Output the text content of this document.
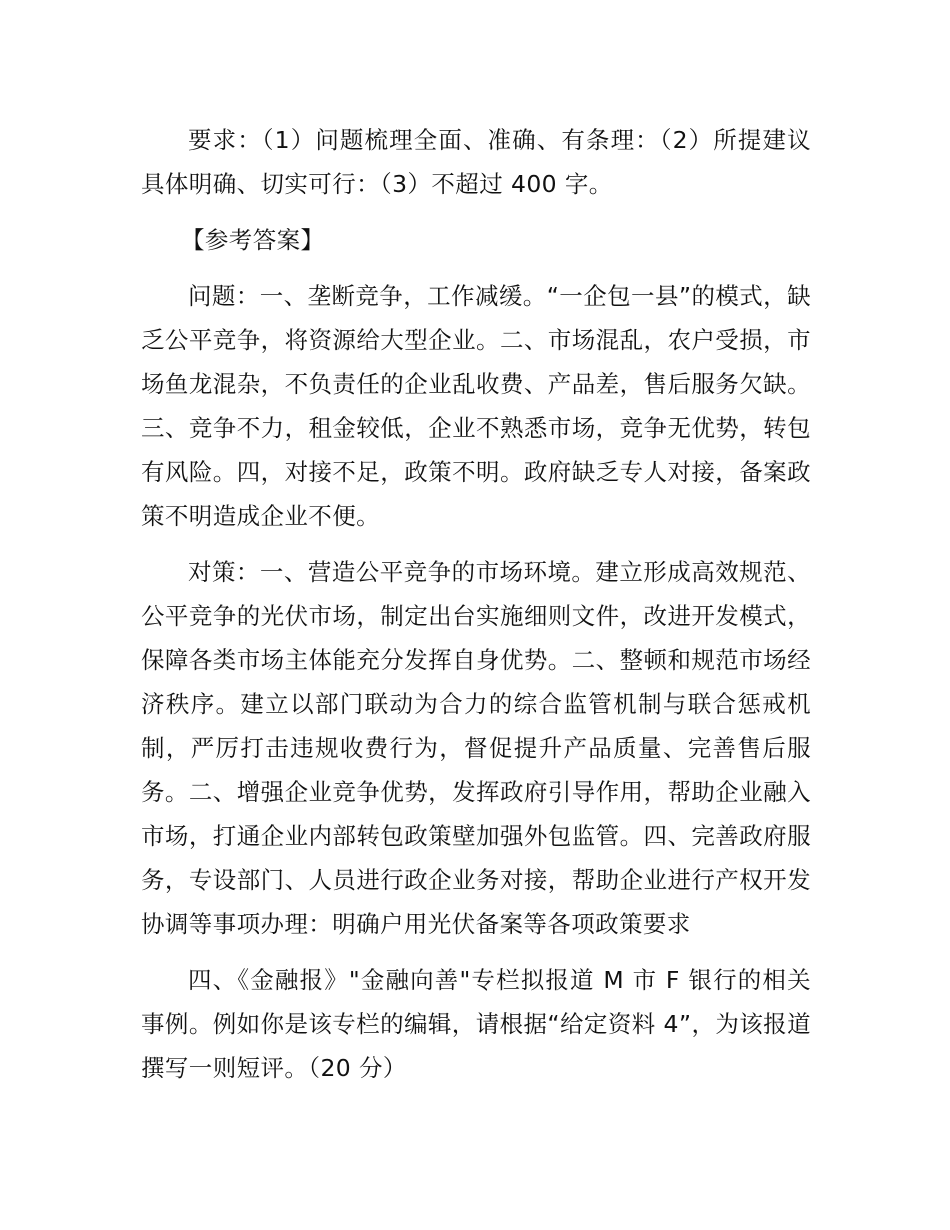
要求：（1）问题梳理全面、准确、有条理：（2）所提建议具体明确、切实可行：（3）不超过 400 字。

【参考答案】

问题：一、垄断竞争，工作减缓。“一企包一县”的模式，缺乏公平竞争，将资源给大型企业。二、市场混乱，农户受损，市场鱼龙混杂，不负责任的企业乱收费、产品差，售后服务欠缺。三、竞争不力，租金较低，企业不熟悉市场，竞争无优势，转包有风险。四，对接不足，政策不明。政府缺乏专人对接，备案政策不明造成企业不便。

对策：一、营造公平竞争的市场环境。建立形成高效规范、公平竞争的光伏市场，制定出台实施细则文件，改进开发模式，保障各类市场主体能充分发挥自身优势。二、整顿和规范市场经济秩序。建立以部门联动为合力的综合监管机制与联合惩戒机制，严厉打击违规收费行为，督促提升产品质量、完善售后服务。二、增强企业竞争优势，发挥政府引导作用，帮助企业融入市场，打通企业内部转包政策壁加强外包监管。四、完善政府服务，专设部门、人员进行政企业务对接，帮助企业进行产权开发协调等事项办理：明确户用光伏备案等各项政策要求

四、《金融报》"金融向善"专栏拟报道 M 市 F 银行的相关事例。例如你是该专栏的编辑，请根据“给定资料 4”，为该报道撰写一则短评。（20 分）
